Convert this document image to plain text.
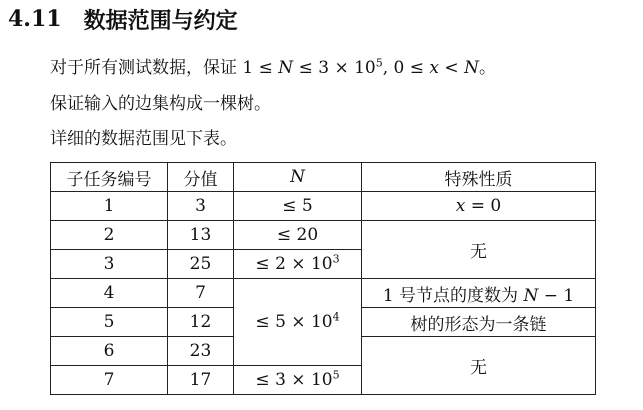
4.11 数据范围与约定
对于所有测试数据，保证 $1 \le N \le 3 \times 10^5$, 0 ≤ x < N。
保证输入的边集构成一棵树。
详细的数据范围见下表。
子任务编号	分值	N	特殊性质
1	3	≤ 5	x = 0
2	13	≤ 20	无
3	25	≤ $2 \times 10^3$
4	7	≤ $5 \times 10^4$	1 号节点的度数为 N − 1
5	12		树的形态为一条链
6	23		无
7	17	≤ $3 \times 10^5$
